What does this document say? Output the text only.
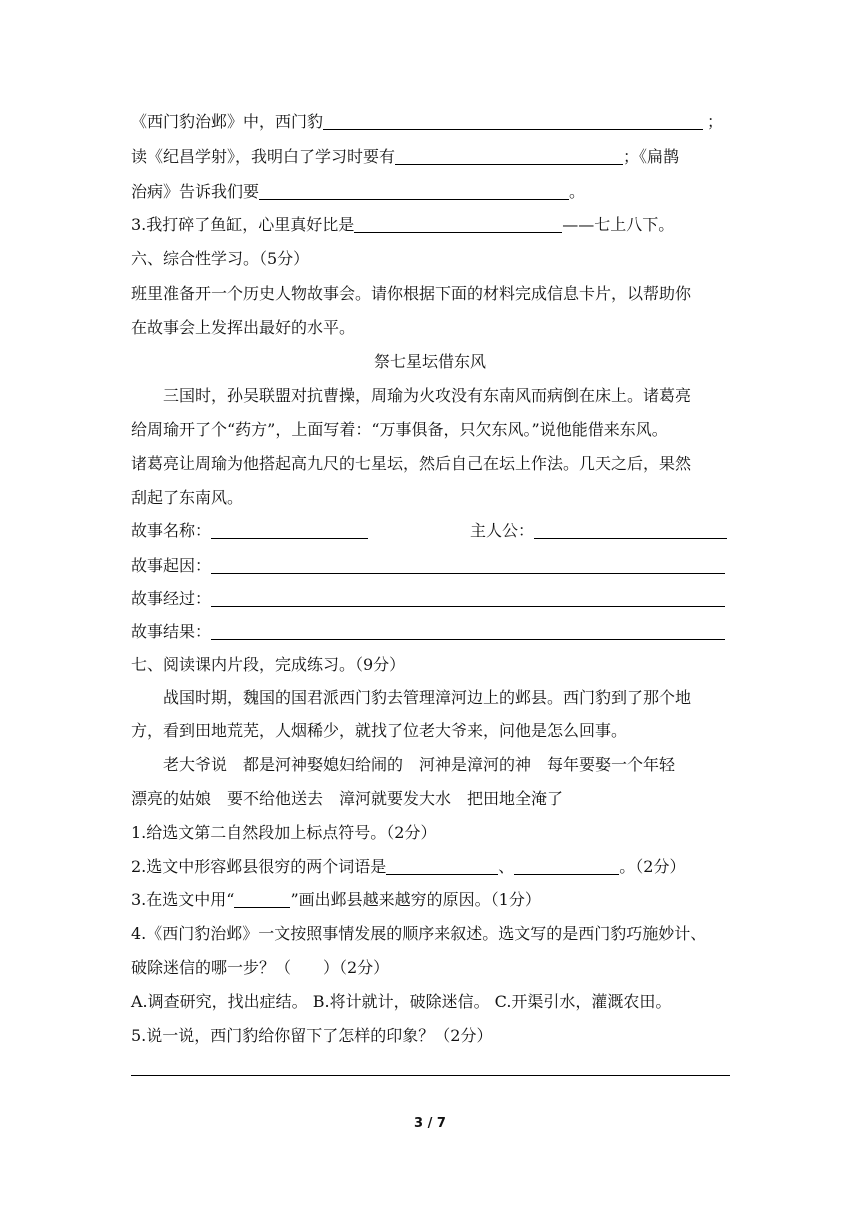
《西门豹治邺》中，西门豹	；
读《纪昌学射》，我明白了学习时要有	；《扁鹊
治病》告诉我们要	。
3.我打碎了鱼缸，心里真好比是	——七上八下。
六、综合性学习。（5分）
班里准备开一个历史人物故事会。请你根据下面的材料完成信息卡片，以帮助你
在故事会上发挥出最好的水平。
祭七星坛借东风
三国时，孙吴联盟对抗曹操，周瑜为火攻没有东南风而病倒在床上。诸葛亮
给周瑜开了个“药方”，上面写着：“万事俱备，只欠东风。”说他能借来东风。
诸葛亮让周瑜为他搭起高九尺的七星坛，然后自己在坛上作法。几天之后，果然
刮起了东南风。
故事名称：	主人公：
故事起因：
故事经过：
故事结果：
七、阅读课内片段，完成练习。（9分）
战国时期，魏国的国君派西门豹去管理漳河边上的邺县。西门豹到了那个地
方，看到田地荒芜，人烟稀少，就找了位老大爷来，问他是怎么回事。
老大爷说　都是河神娶媳妇给闹的　河神是漳河的神　每年要娶一个年轻
漂亮的姑娘　要不给他送去　漳河就要发大水　把田地全淹了
1.给选文第二自然段加上标点符号。（2分）
2.选文中形容邺县很穷的两个词语是	、	。（2分）
3.在选文中用“	”画出邺县越来越穷的原因。（1分）
4.《西门豹治邺》一文按照事情发展的顺序来叙述。选文写的是西门豹巧施妙计、
破除迷信的哪一步？（　　）（2分）
A.调查研究，找出症结。 B.将计就计，破除迷信。 C.开渠引水，灌溉农田。
5.说一说，西门豹给你留下了怎样的印象？（2分）
3 / 7
